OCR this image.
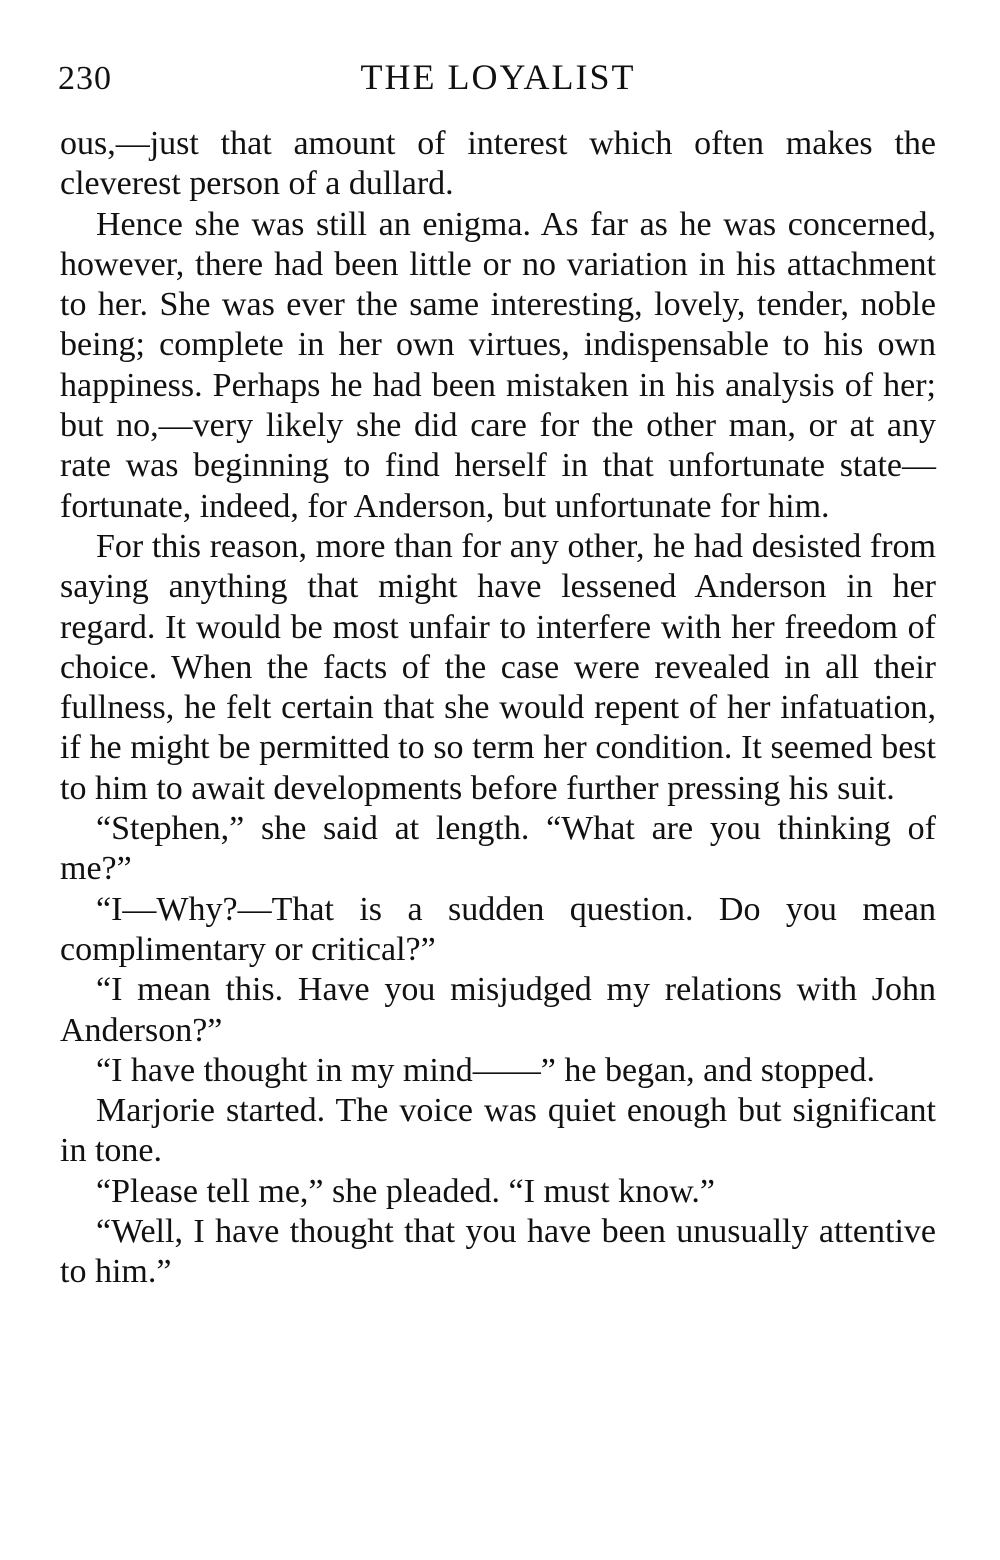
230	THE LOYALIST

ous,—just that amount of interest which often makes the cleverest person of a dullard.

Hence she was still an enigma. As far as he was concerned, however, there had been little or no variation in his attachment to her. She was ever the same interesting, lovely, tender, noble being; complete in her own virtues, indispensable to his own happiness. Perhaps he had been mistaken in his analysis of her; but no,—very likely she did care for the other man, or at any rate was beginning to find herself in that unfortunate state—fortunate, indeed, for Anderson, but unfortunate for him.

For this reason, more than for any other, he had desisted from saying anything that might have lessened Anderson in her regard. It would be most unfair to interfere with her freedom of choice. When the facts of the case were revealed in all their fullness, he felt certain that she would repent of her infatuation, if he might be permitted to so term her condition. It seemed best to him to await developments before further pressing his suit.

“Stephen,” she said at length. “What are you thinking of me?”

“I—Why?—That is a sudden question. Do you mean complimentary or critical?”

“I mean this. Have you misjudged my relations with John Anderson?”

“I have thought in my mind——” he began, and stopped.

Marjorie started. The voice was quiet enough but significant in tone.

“Please tell me,” she pleaded. “I must know.”

“Well, I have thought that you have been unusually attentive to him.”
